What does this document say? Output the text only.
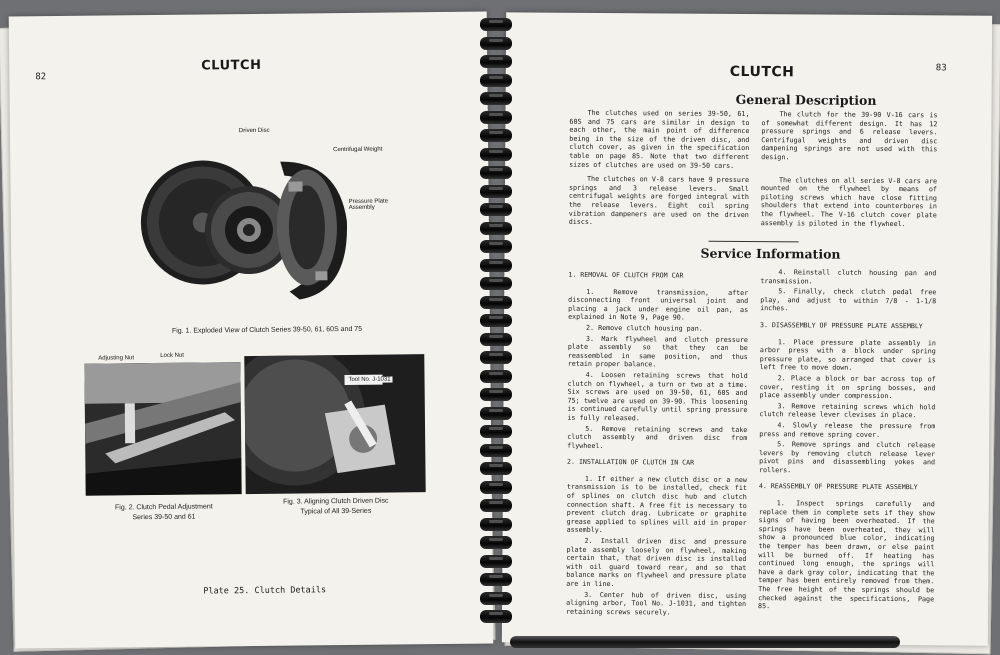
82
CLUTCH
Driven Disc
Centrifugal Weight
Pressure Plate Assembly
Fig. 1. Exploded View of Clutch Series 39-50, 61, 60S and 75
Adjusting Nut	Lock Nut
Fig. 2. Clutch Pedal Adjustment
Series 39-50 and 61
Tool No. J-1031
Fig. 3. Aligning Clutch Driven Disc
Typical of All 39-Series
Plate 25. Clutch Details
83
CLUTCH
General Description

The clutches used on series 39-50, 61, 60S and 75 cars are similar in design to each other, the main point of difference being in the size of the driven disc, and clutch cover, as given in the specification table on page 85. Note that two different sizes of clutches are used on 39-50 cars.

The clutches on V-8 cars have 9 pressure springs and 3 release levers. Small centrifugal weights are forged integral with the release levers. Eight coil spring vibration dampeners are used on the driven discs.

The clutch for the 39-90 V-16 cars is of somewhat different design. It has 12 pressure springs and 6 release levers. Centrifugal weights and driven disc dampening springs are not used with this design.

The clutches on all series V-8 cars are mounted on the flywheel by means of piloting screws which have close fitting shoulders that extend into counterbores in the flywheel. The V-16 clutch cover plate assembly is piloted in the flywheel.

Service Information
1. REMOVAL OF CLUTCH FROM CAR

1. Remove transmission, after disconnecting front universal joint and placing a jack under engine oil pan, as explained in Note 9, Page 90.

2. Remove clutch housing pan.

3. Mark flywheel and clutch pressure plate assembly so that they can be reassembled in same position, and thus retain proper balance.

4. Loosen retaining screws that hold clutch on flywheel, a turn or two at a time. Six screws are used on 39-50, 61, 60S and 75; twelve are used on 39-90. This loosening is continued carefully until spring pressure is fully released.

5. Remove retaining screws and take clutch assembly and driven disc from flywheel.

2. INSTALLATION OF CLUTCH IN CAR

1. If either a new clutch disc or a new transmission is to be installed, check fit of splines on clutch disc hub and clutch connection shaft. A free fit is necessary to prevent clutch drag. Lubricate or graphite grease applied to splines will aid in proper assembly.

2. Install driven disc and pressure plate assembly loosely on flywheel, making certain that, that driven disc is installed with oil guard toward rear, and so that balance marks on flywheel and pressure plate are in line.

3. Center hub of driven disc, using aligning arbor, Tool No. J-1031, and tighten retaining screws securely.

4. Reinstall clutch housing pan and transmission.

5. Finally, check clutch pedal free play, and adjust to within 7/8 - 1-1/8 inches.

3. DISASSEMBLY OF PRESSURE PLATE ASSEMBLY

1. Place pressure plate assembly in arbor press with a block under spring pressure plate, so arranged that cover is left free to move down.

2. Place a block or bar across top of cover, resting it on spring bosses, and place assembly under compression.

3. Remove retaining screws which hold clutch release lever clevises in place.

4. Slowly release the pressure from press and remove spring cover.

5. Remove springs and clutch release levers by removing clutch release lever pivot pins and disassembling yokes and rollers.

4. REASSEMBLY OF PRESSURE PLATE ASSEMBLY

1. Inspect springs carefully and replace them in complete sets if they show signs of having been overheated. If the springs have been overheated, they will show a pronounced blue color, indicating the temper has been drawn, or else paint will be burned off. If heating has continued long enough, the springs will have a dark gray color, indicating that the temper has been entirely removed from them. The free height of the springs should be checked against the specifications, Page 85.
